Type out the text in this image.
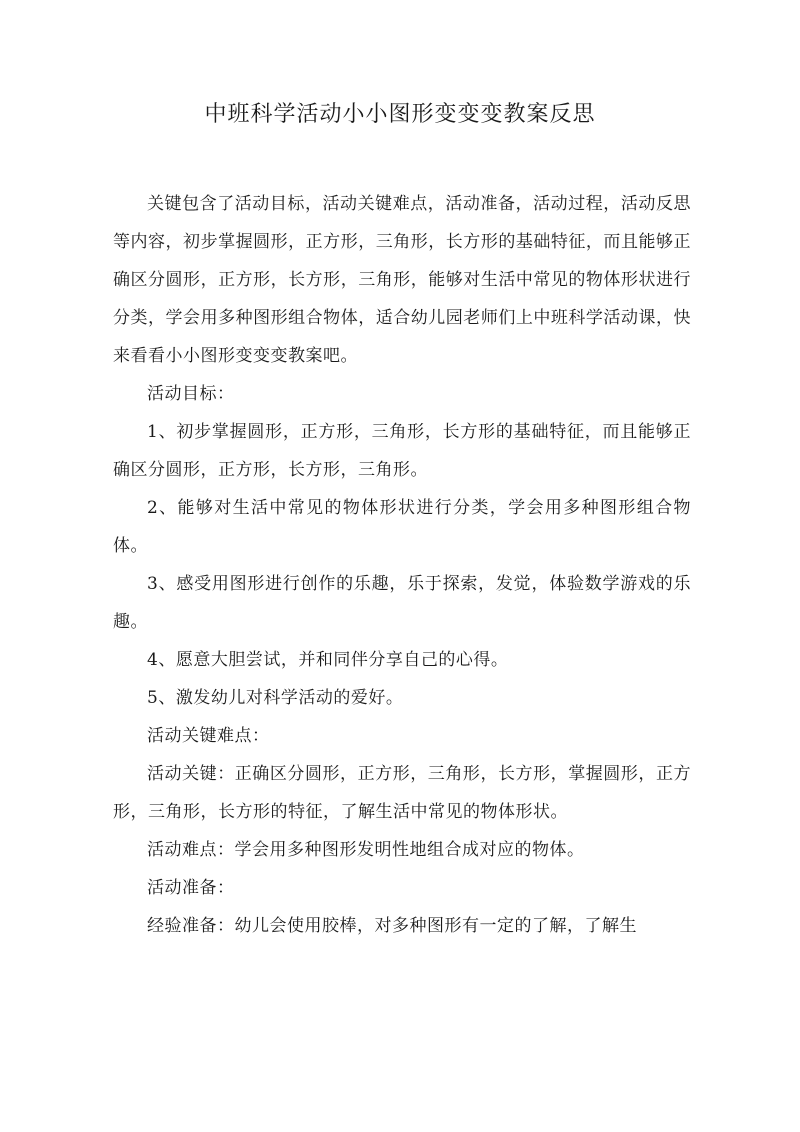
中班科学活动小小图形变变变教案反思

关键包含了活动目标，活动关键难点，活动准备，活动过程，活动反思等内容，初步掌握圆形，正方形，三角形，长方形的基础特征，而且能够正确区分圆形，正方形，长方形，三角形，能够对生活中常见的物体形状进行分类，学会用多种图形组合物体，适合幼儿园老师们上中班科学活动课，快来看看小小图形变变变教案吧。

活动目标：

1、初步掌握圆形，正方形，三角形，长方形的基础特征，而且能够正确区分圆形，正方形，长方形，三角形。

2、能够对生活中常见的物体形状进行分类，学会用多种图形组合物体。

3、感受用图形进行创作的乐趣，乐于探索，发觉，体验数学游戏的乐趣。

4、愿意大胆尝试，并和同伴分享自己的心得。

5、激发幼儿对科学活动的爱好。

活动关键难点：

活动关键：正确区分圆形，正方形，三角形，长方形，掌握圆形，正方形，三角形，长方形的特征，了解生活中常见的物体形状。

活动难点：学会用多种图形发明性地组合成对应的物体。

活动准备：

经验准备：幼儿会使用胶棒，对多种图形有一定的了解，了解生
